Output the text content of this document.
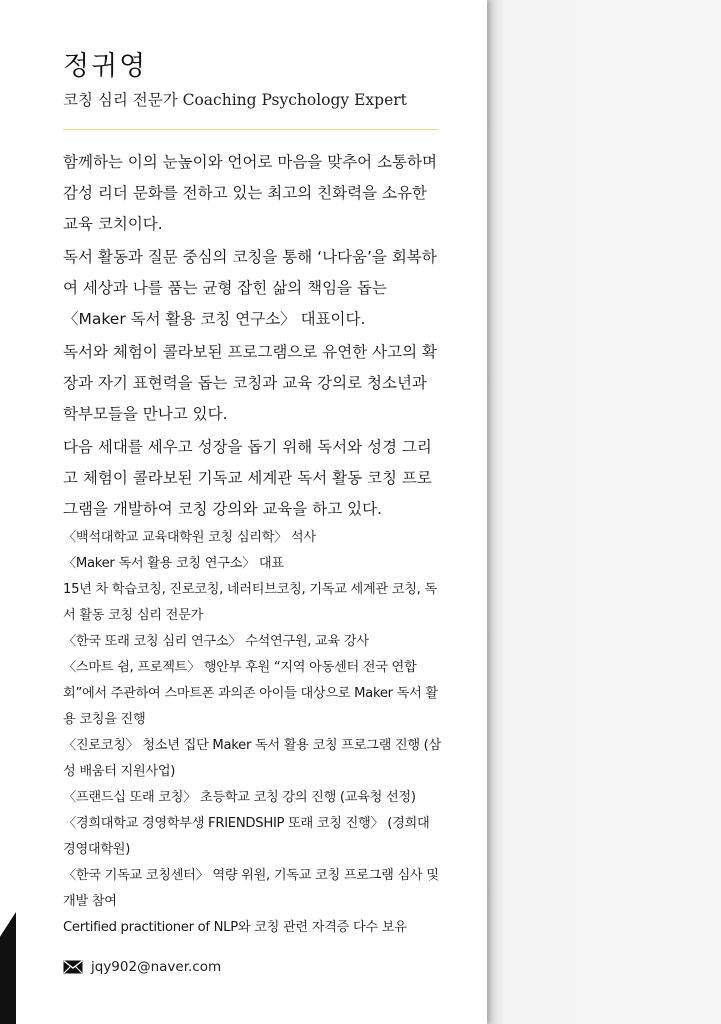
정귀영
코칭 심리 전문가 Coaching Psychology Expert

함께하는 이의 눈높이와 언어로 마음을 맞추어 소통하며 감성 리더 문화를 전하고 있는 최고의 친화력을 소유한 교육 코치이다.

독서 활동과 질문 중심의 코칭을 통해 ‘나다움’을 회복하여 세상과 나를 품는 균형 잡힌 삶의 책임을 돕는 〈Maker 독서 활용 코칭 연구소〉 대표이다.

독서와 체험이 콜라보된 프로그램으로 유연한 사고의 확장과 자기 표현력을 돕는 코칭과 교육 강의로 청소년과 학부모들을 만나고 있다.

다음 세대를 세우고 성장을 돕기 위해 독서와 성경 그리고 체험이 콜라보된 기독교 세계관 독서 활동 코칭 프로그램을 개발하여 코칭 강의와 교육을 하고 있다.

〈백석대학교 교육대학원 코칭 심리학〉 석사

〈Maker 독서 활용 코칭 연구소〉 대표

15년 차 학습코칭, 진로코칭, 네러티브코칭, 기독교 세계관 코칭, 독서 활동 코칭 심리 전문가

〈한국 또래 코칭 심리 연구소〉 수석연구원, 교육 강사

〈스마트 쉼, 프로젝트〉 행안부 후원 “지역 아동센터 전국 연합회”에서 주관하여 스마트폰 과의존 아이들 대상으로 Maker 독서 활용 코칭을 진행

〈진로코칭〉 청소년 집단 Maker 독서 활용 코칭 프로그램 진행 (삼성 배움터 지원사업)

〈프랜드십 또래 코칭〉 초등학교 코칭 강의 진행 (교육청 선정)

〈경희대학교 경영학부생 FRIENDSHIP 또래 코칭 진행〉 (경희대 경영대학원)

〈한국 기독교 코칭센터〉 역량 위원, 기독교 코칭 프로그램 심사 및 개발 참여

Certified practitioner of NLP와 코칭 관련 자격증 다수 보유

jqy902@naver.com
